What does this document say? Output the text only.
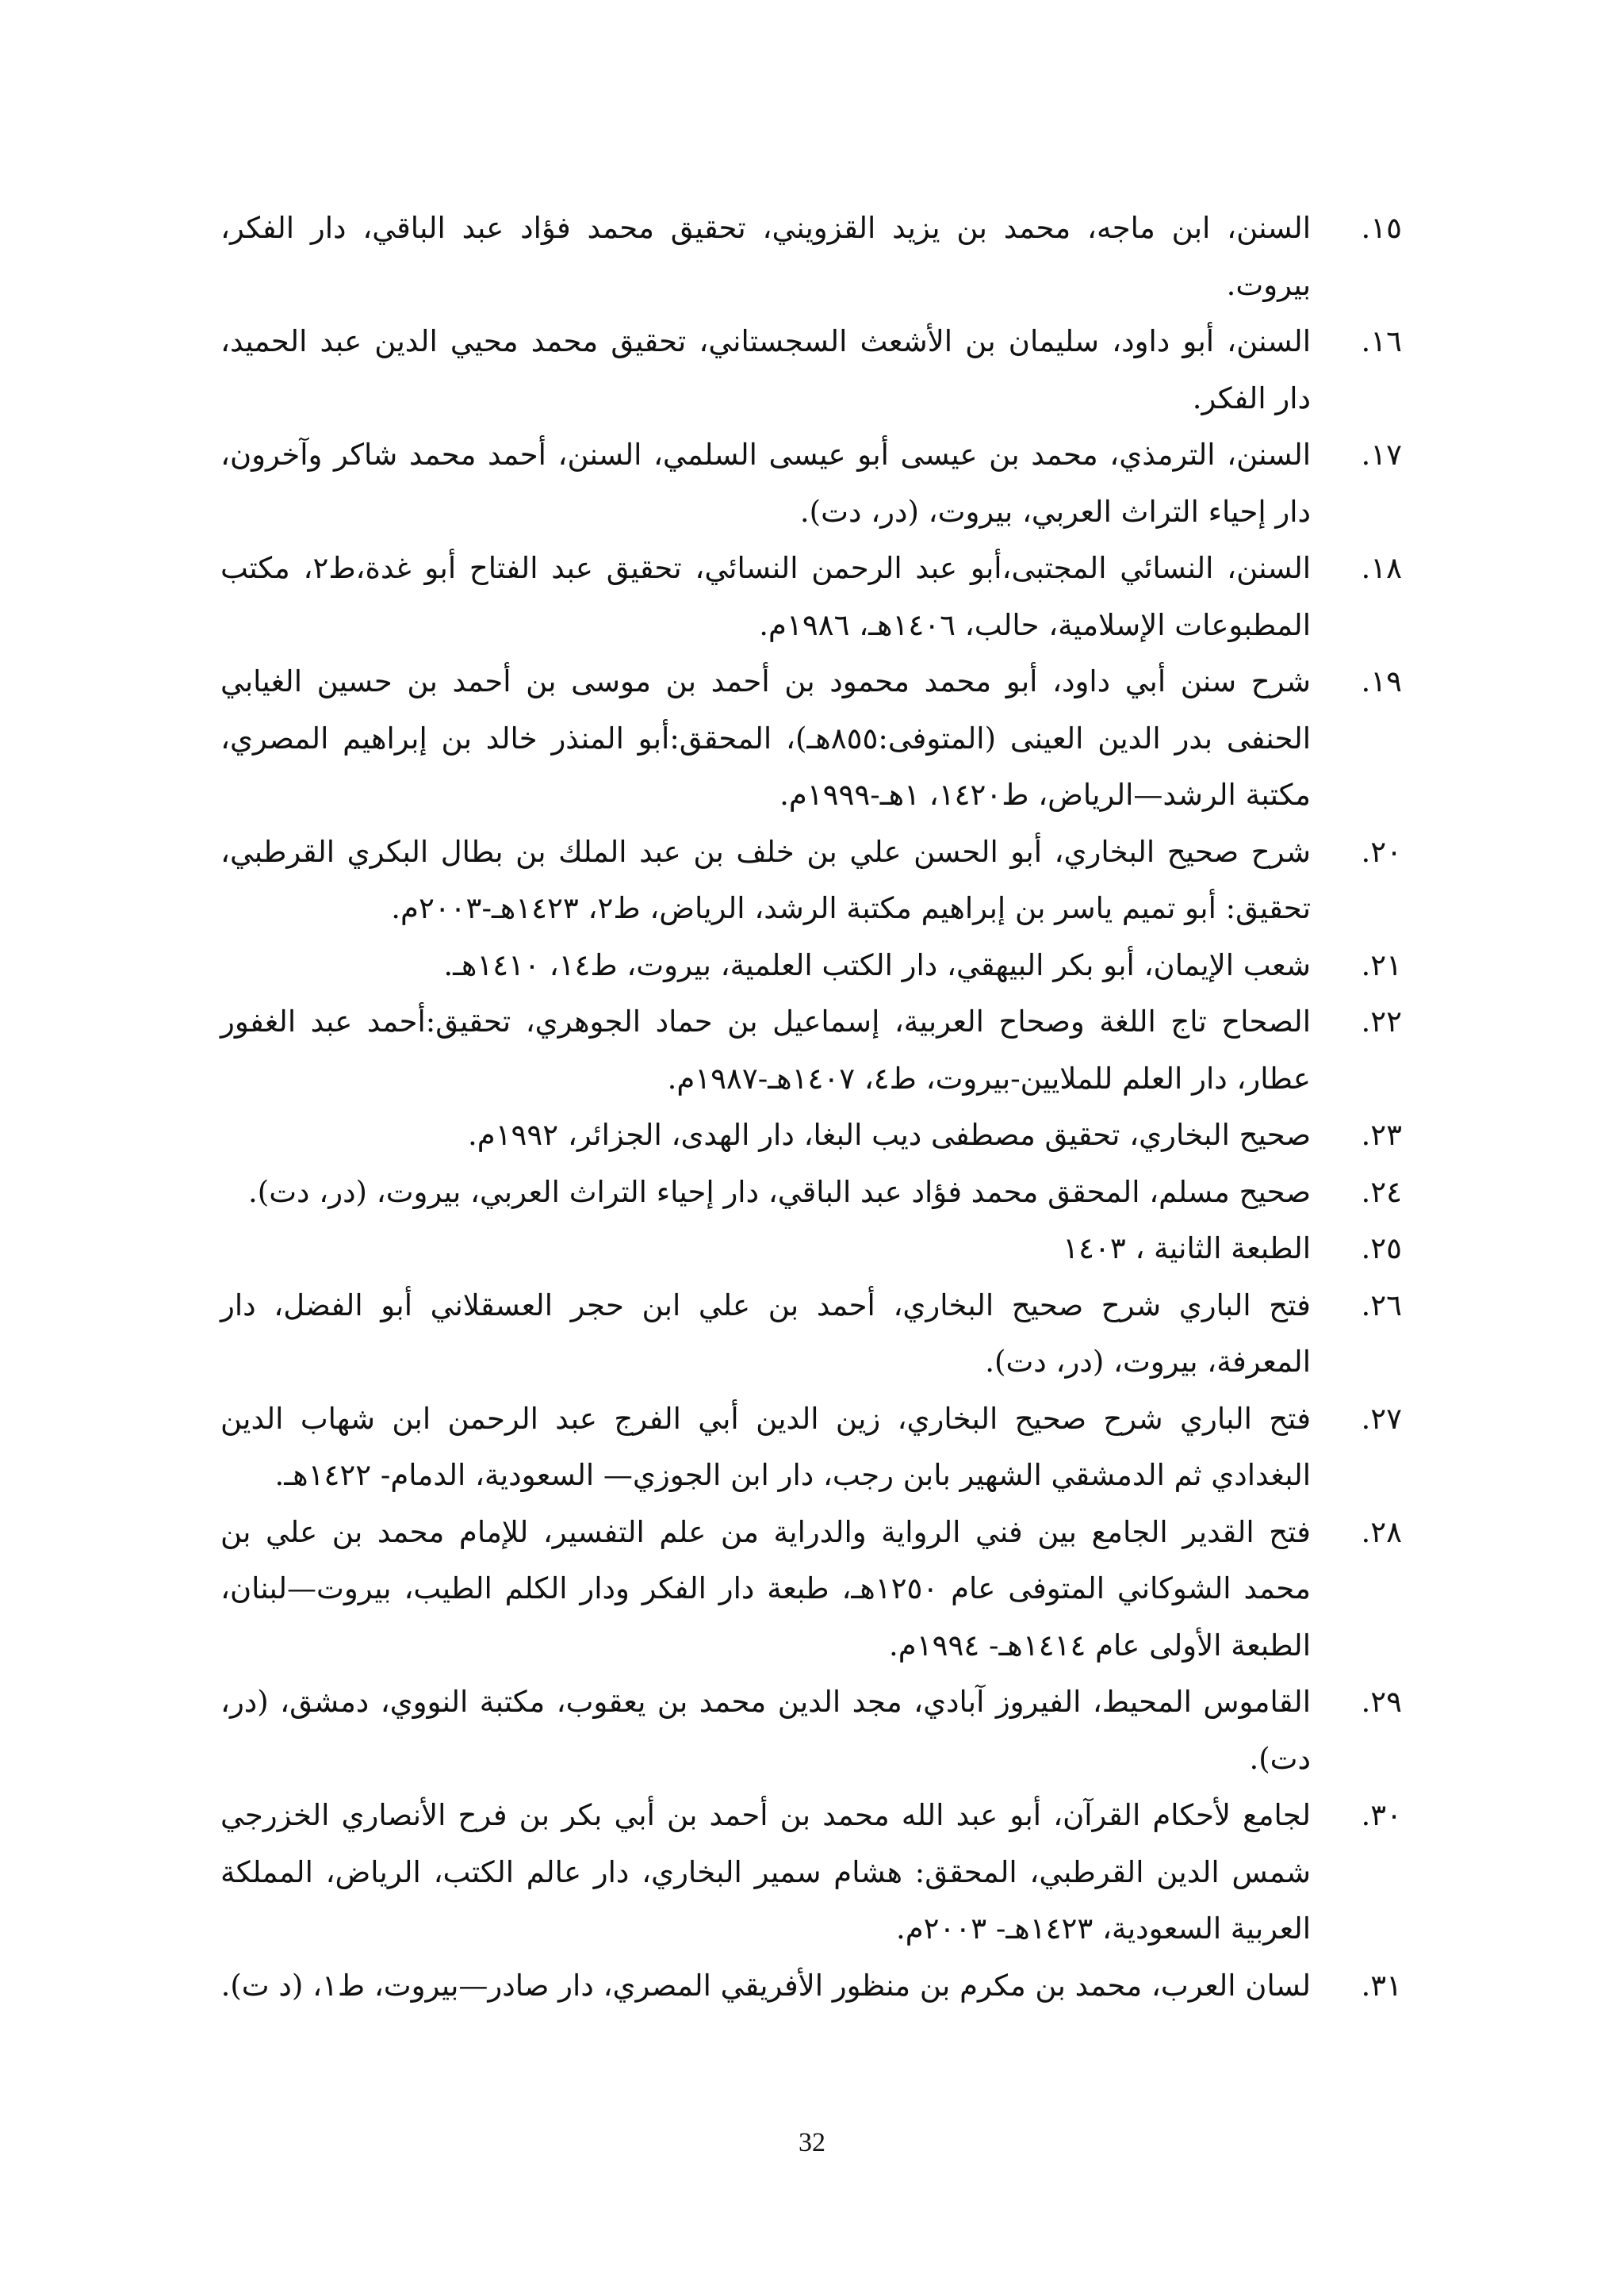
١٥.
السنن، ابن ماجه، محمد بن يزيد القزويني، تحقيق محمد فؤاد عبد الباقي، دار الفكر، بيروت.
١٦.
السنن، أبو داود، سليمان بن الأشعث السجستاني، تحقيق محمد محيي الدين عبد الحميد، دار الفكر.
١٧.
السنن، الترمذي، محمد بن عيسى أبو عيسى السلمي، السنن، أحمد محمد شاكر وآخرون، دار إحياء التراث العربي، بيروت، (در، دت).
١٨.
السنن، النسائي المجتبى،أبو عبد الرحمن النسائي، تحقيق عبد الفتاح أبو غدة،ط٢، مكتب المطبوعات الإسلامية، حالب، ١٤٠٦هـ، ١٩٨٦م.
١٩.
شرح سنن أبي داود، أبو محمد محمود بن أحمد بن موسى بن أحمد بن حسين الغيابي الحنفى بدر الدين العينى (المتوفى:٨٥٥هـ)، المحقق:أبو المنذر خالد بن إبراهيم المصري، مكتبة الرشد—الرياض، ط١٤٢٠، ١هـ-١٩٩٩م.
٢٠.
شرح صحيح البخاري، أبو الحسن علي بن خلف بن عبد الملك بن بطال البكري القرطبي، تحقيق: أبو تميم ياسر بن إبراهيم مكتبة الرشد، الرياض، ط٢، ١٤٢٣هـ-٢٠٠٣م.
٢١.
شعب الإيمان، أبو بكر البيهقي، دار الكتب العلمية، بيروت، ط١٤، ١٤١٠هـ.
٢٢.
الصحاح تاج اللغة وصحاح العربية، إسماعيل بن حماد الجوهري، تحقيق:أحمد عبد الغفور عطار، دار العلم للملايين-بيروت، ط٤، ١٤٠٧هـ-١٩٨٧م.
٢٣.
صحيح البخاري، تحقيق مصطفى ديب البغا، دار الهدى، الجزائر، ١٩٩٢م.
٢٤.
صحيح مسلم، المحقق محمد فؤاد عبد الباقي، دار إحياء التراث العربي، بيروت، (در، دت).
٢٥.
الطبعة الثانية ، ١٤٠٣
٢٦.
فتح الباري شرح صحيح البخاري، أحمد بن علي ابن حجر العسقلاني أبو الفضل، دار المعرفة، بيروت، (در، دت).
٢٧.
فتح الباري شرح صحيح البخاري، زين الدين أبي الفرج عبد الرحمن ابن شهاب الدين البغدادي ثم الدمشقي الشهير بابن رجب، دار ابن الجوزي— السعودية، الدمام- ١٤٢٢هـ.
٢٨.
فتح القدير الجامع بين فني الرواية والدراية من علم التفسير، للإمام محمد بن علي بن محمد الشوكاني المتوفى عام ١٢٥٠هـ، طبعة دار الفكر ودار الكلم الطيب، بيروت—لبنان، الطبعة الأولى عام ١٤١٤هـ- ١٩٩٤م.
٢٩.
القاموس المحيط، الفيروز آبادي، مجد الدين محمد بن يعقوب، مكتبة النووي، دمشق، (در، دت).
٣٠.
لجامع لأحكام القرآن، أبو عبد الله محمد بن أحمد بن أبي بكر بن فرح الأنصاري الخزرجي شمس الدين القرطبي، المحقق: هشام سمير البخاري، دار عالم الكتب، الرياض، المملكة العربية السعودية، ١٤٢٣هـ- ٢٠٠٣م.
٣١.
لسان العرب، محمد بن مكرم بن منظور الأفريقي المصري، دار صادر—بيروت، ط١، (د ت).
32
